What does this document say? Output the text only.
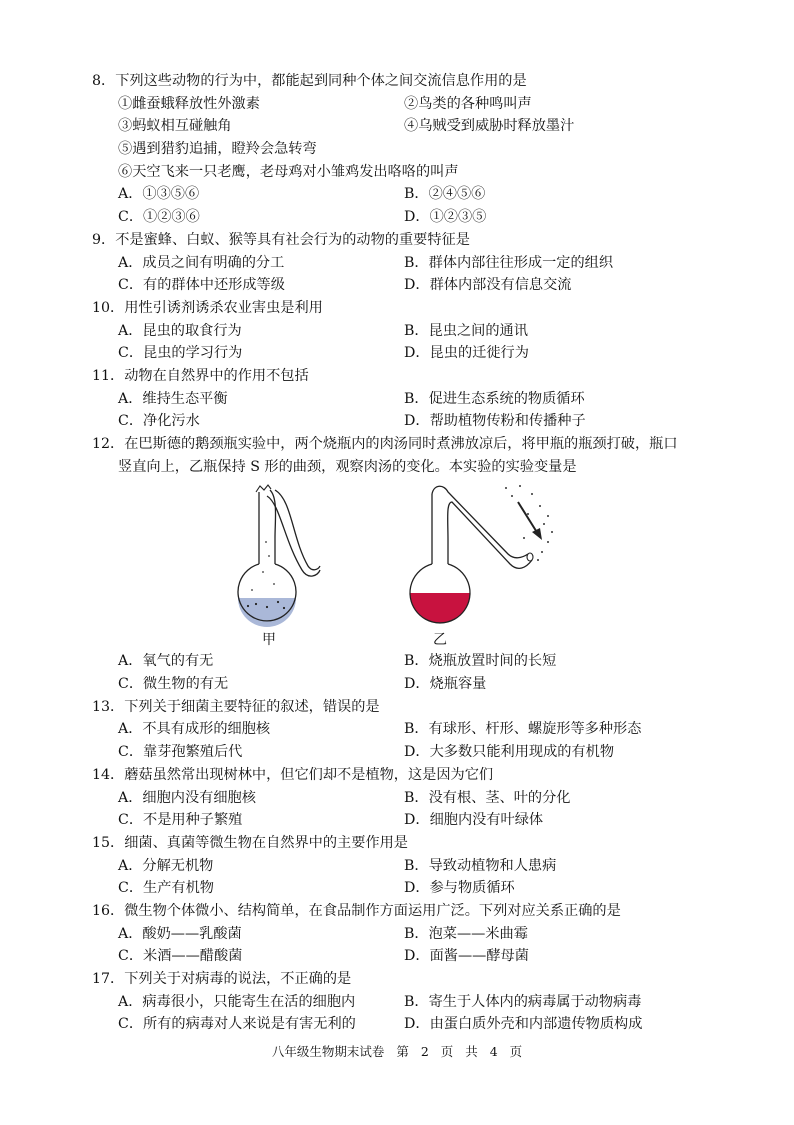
8．下列这些动物的行为中，都能起到同种个体之间交流信息作用的是
①雌蚕蛾释放性外激素	②鸟类的各种鸣叫声
③蚂蚁相互碰触角	④乌贼受到威胁时释放墨汁
⑤遇到猎豹追捕，瞪羚会急转弯
⑥天空飞来一只老鹰，老母鸡对小雏鸡发出咯咯的叫声
A．①③⑤⑥	B．②④⑤⑥
C．①②③⑥	D．①②③⑤
9．不是蜜蜂、白蚁、猴等具有社会行为的动物的重要特征是
A．成员之间有明确的分工	B．群体内部往往形成一定的组织
C．有的群体中还形成等级	D．群体内部没有信息交流
10．用性引诱剂诱杀农业害虫是利用
A．昆虫的取食行为	B．昆虫之间的通讯
C．昆虫的学习行为	D．昆虫的迁徙行为
11．动物在自然界中的作用不包括
A．维持生态平衡	B．促进生态系统的物质循环
C．净化污水	D．帮助植物传粉和传播种子
12．在巴斯德的鹅颈瓶实验中，两个烧瓶内的肉汤同时煮沸放凉后，将甲瓶的瓶颈打破，瓶口
竖直向上，乙瓶保持 S 形的曲颈，观察肉汤的变化。本实验的实验变量是
甲	乙
A．氧气的有无	B．烧瓶放置时间的长短
C．微生物的有无	D．烧瓶容量
13．下列关于细菌主要特征的叙述，错误的是
A．不具有成形的细胞核	B．有球形、杆形、螺旋形等多种形态
C．靠芽孢繁殖后代	D．大多数只能利用现成的有机物
14．蘑菇虽然常出现树林中，但它们却不是植物，这是因为它们
A．细胞内没有细胞核	B．没有根、茎、叶的分化
C．不是用种子繁殖	D．细胞内没有叶绿体
15．细菌、真菌等微生物在自然界中的主要作用是
A．分解无机物	B．导致动植物和人患病
C．生产有机物	D．参与物质循环
16．微生物个体微小、结构简单，在食品制作方面运用广泛。下列对应关系正确的是
A．酸奶——乳酸菌	B．泡菜——米曲霉
C．米酒——醋酸菌	D．面酱——酵母菌
17．下列关于对病毒的说法，不正确的是
A．病毒很小，只能寄生在活的细胞内	B．寄生于人体内的病毒属于动物病毒
C．所有的病毒对人来说是有害无利的	D．由蛋白质外壳和内部遗传物质构成
八年级生物期末试卷 第 2 页 共 4 页
